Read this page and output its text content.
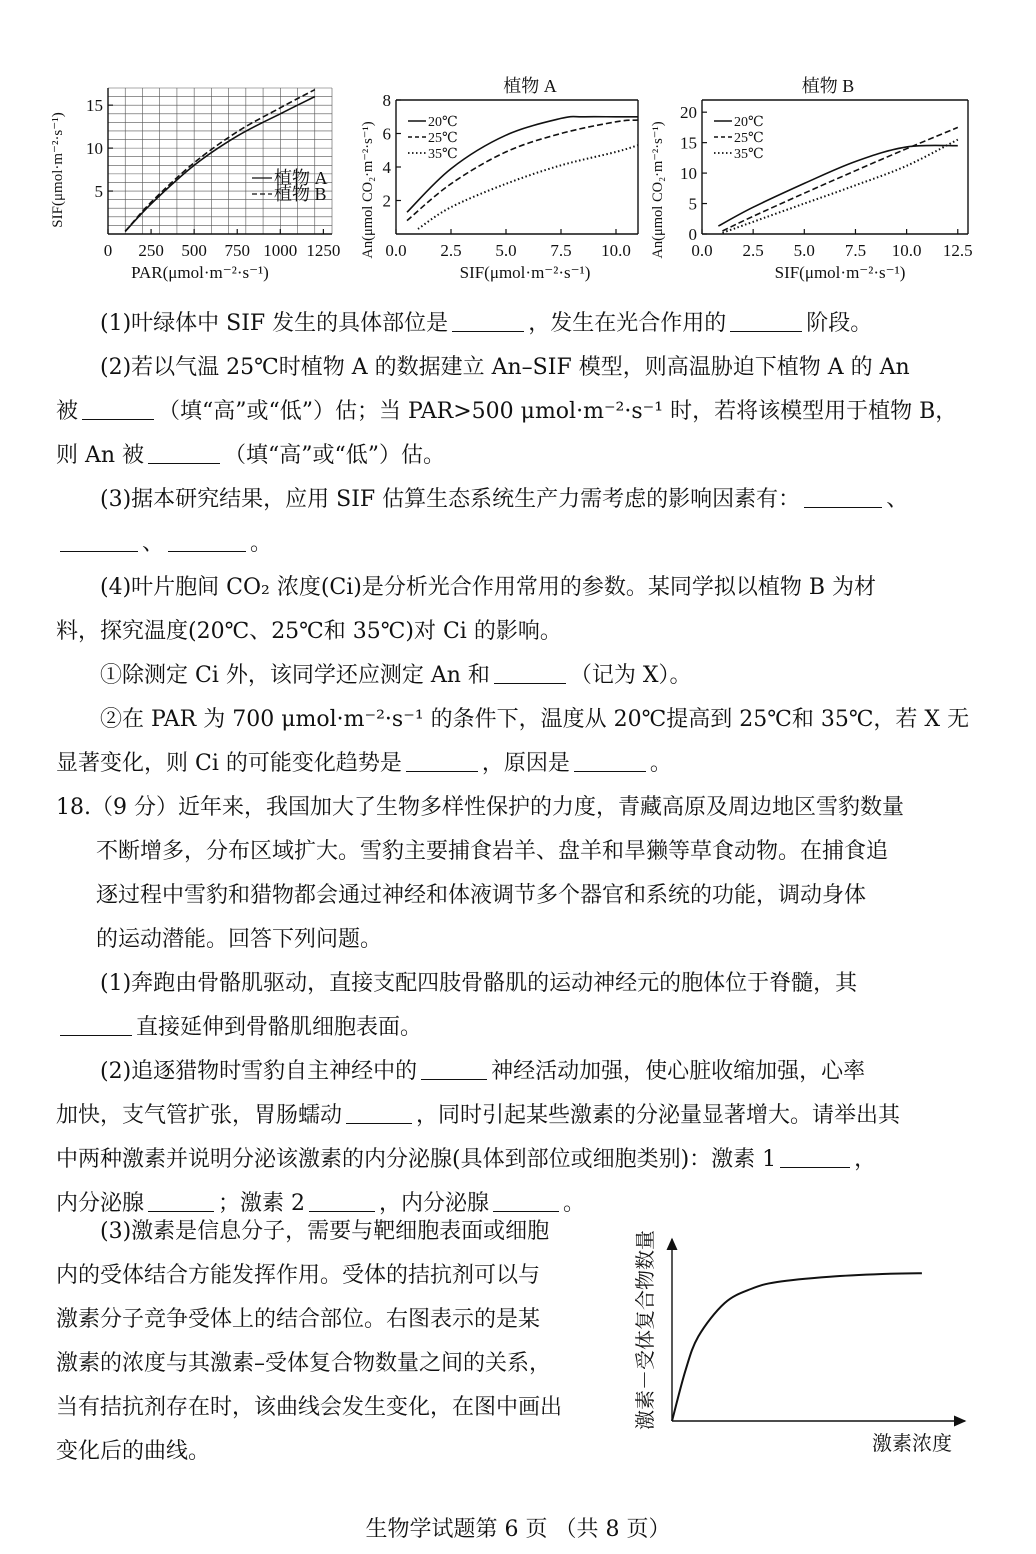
0 250 500 750 1000 1250
5
10
15
PAR(μmol·m⁻²·s⁻¹)
SIF(μmol·m⁻²·s⁻¹)	植物 A
植物 B
植物 A
0.0 2.5 5.0 7.5 10.0
2
4
6
8
SIF(μmol·m⁻²·s⁻¹)
An(μmol CO₂·m⁻²·s⁻¹)	20℃
25℃
35℃
植物 B
0.0 2.5 5.0 7.5 10.0 12.5
0
5
10
15
20
SIF(μmol·m⁻²·s⁻¹)
An(μmol CO₂·m⁻²·s⁻¹)	20℃
25℃
35℃

(1)叶绿体中 SIF 发生的具体部位是	，发生在光合作用的	阶段。

(2)若以气温 25℃时植物 A 的数据建立 An–SIF 模型，则高温胁迫下植物 A 的 An

被	（填“高”或“低”）估；当 PAR>500 μmol·m⁻²·s⁻¹ 时，若将该模型用于植物 B，

则 An 被	（填“高”或“低”）估。

(3)据本研究结果，应用 SIF 估算生态系统生产力需考虑的影响因素有：	、

、	。

(4)叶片胞间 CO₂ 浓度(Ci)是分析光合作用常用的参数。某同学拟以植物 B 为材

料，探究温度(20℃、25℃和 35℃)对 Ci 的影响。

①除测定 Ci 外，该同学还应测定 An 和	（记为 X）。

②在 PAR 为 700 μmol·m⁻²·s⁻¹ 的条件下，温度从 20℃提高到 25℃和 35℃，若 X 无

显著变化，则 Ci 的可能变化趋势是	，原因是	。

18.（9 分）近年来，我国加大了生物多样性保护的力度，青藏高原及周边地区雪豹数量

不断增多，分布区域扩大。雪豹主要捕食岩羊、盘羊和旱獭等草食动物。在捕食追

逐过程中雪豹和猎物都会通过神经和体液调节多个器官和系统的功能，调动身体

的运动潜能。回答下列问题。

(1)奔跑由骨骼肌驱动，直接支配四肢骨骼肌的运动神经元的胞体位于脊髓，其

直接延伸到骨骼肌细胞表面。

(2)追逐猎物时雪豹自主神经中的	神经活动加强，使心脏收缩加强，心率

加快，支气管扩张，胃肠蠕动	，同时引起某些激素的分泌量显著增大。请举出其

中两种激素并说明分泌该激素的内分泌腺(具体到部位或细胞类别)：激素 1	，

内分泌腺	；激素 2	，内分泌腺	。

(3)激素是信息分子，需要与靶细胞表面或细胞

内的受体结合方能发挥作用。受体的拮抗剂可以与

激素分子竞争受体上的结合部位。右图表示的是某

激素的浓度与其激素–受体复合物数量之间的关系，

当有拮抗剂存在时，该曲线会发生变化，在图中画出

变化后的曲线。

激素－受体复合物数量
激素浓度
生物学试题第 6 页 （共 8 页）
